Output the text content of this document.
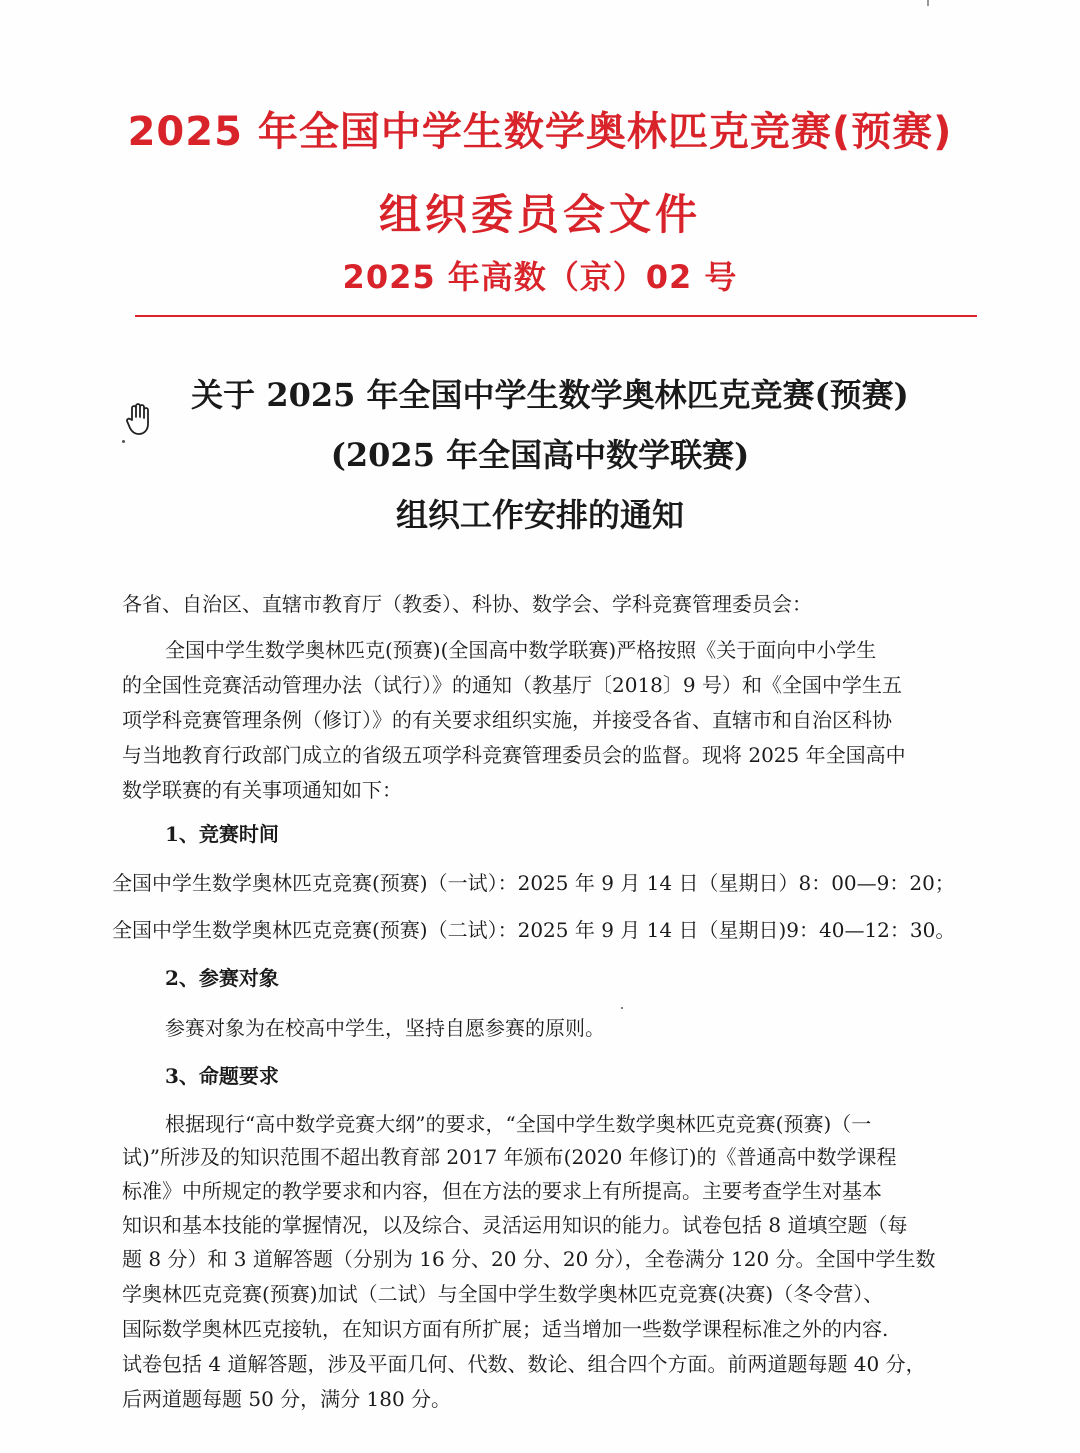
2025 年全国中学生数学奥林匹克竞赛(预赛)
组织委员会文件
2025 年高数（京）02 号
关于 2025 年全国中学生数学奥林匹克竞赛(预赛)
(2025 年全国高中数学联赛)
组织工作安排的通知
各省、自治区、直辖市教育厅（教委）、科协、数学会、学科竞赛管理委员会：
全国中学生数学奥林匹克(预赛)(全国高中数学联赛)严格按照《关于面向中小学生
的全国性竞赛活动管理办法（试行）》的通知（教基厅〔2018〕9 号）和《全国中学生五
项学科竞赛管理条例（修订）》的有关要求组织实施，并接受各省、直辖市和自治区科协
与当地教育行政部门成立的省级五项学科竞赛管理委员会的监督。现将 2025 年全国高中
数学联赛的有关事项通知如下：
1、竞赛时间
全国中学生数学奥林匹克竞赛(预赛)（一试）：2025 年 9 月 14 日（星期日）8：00—9：20；
全国中学生数学奥林匹克竞赛(预赛)（二试）：2025 年 9 月 14 日（星期日)9：40—12：30。
2、参赛对象
参赛对象为在校高中学生，坚持自愿参赛的原则。
3、命题要求
根据现行“高中数学竞赛大纲”的要求，“全国中学生数学奥林匹克竞赛(预赛)（一
试)”所涉及的知识范围不超出教育部 2017 年颁布(2020 年修订)的《普通高中数学课程
标准》中所规定的教学要求和内容，但在方法的要求上有所提高。主要考查学生对基本
知识和基本技能的掌握情况，以及综合、灵活运用知识的能力。试卷包括 8 道填空题（每
题 8 分）和 3 道解答题（分别为 16 分、20 分、20 分），全卷满分 120 分。全国中学生数
学奥林匹克竞赛(预赛)加试（二试）与全国中学生数学奥林匹克竞赛(决赛)（冬令营）、
国际数学奥林匹克接轨，在知识方面有所扩展；适当增加一些数学课程标准之外的内容.
试卷包括 4 道解答题，涉及平面几何、代数、数论、组合四个方面。前两道题每题 40 分，
后两道题每题 50 分，满分 180 分。
